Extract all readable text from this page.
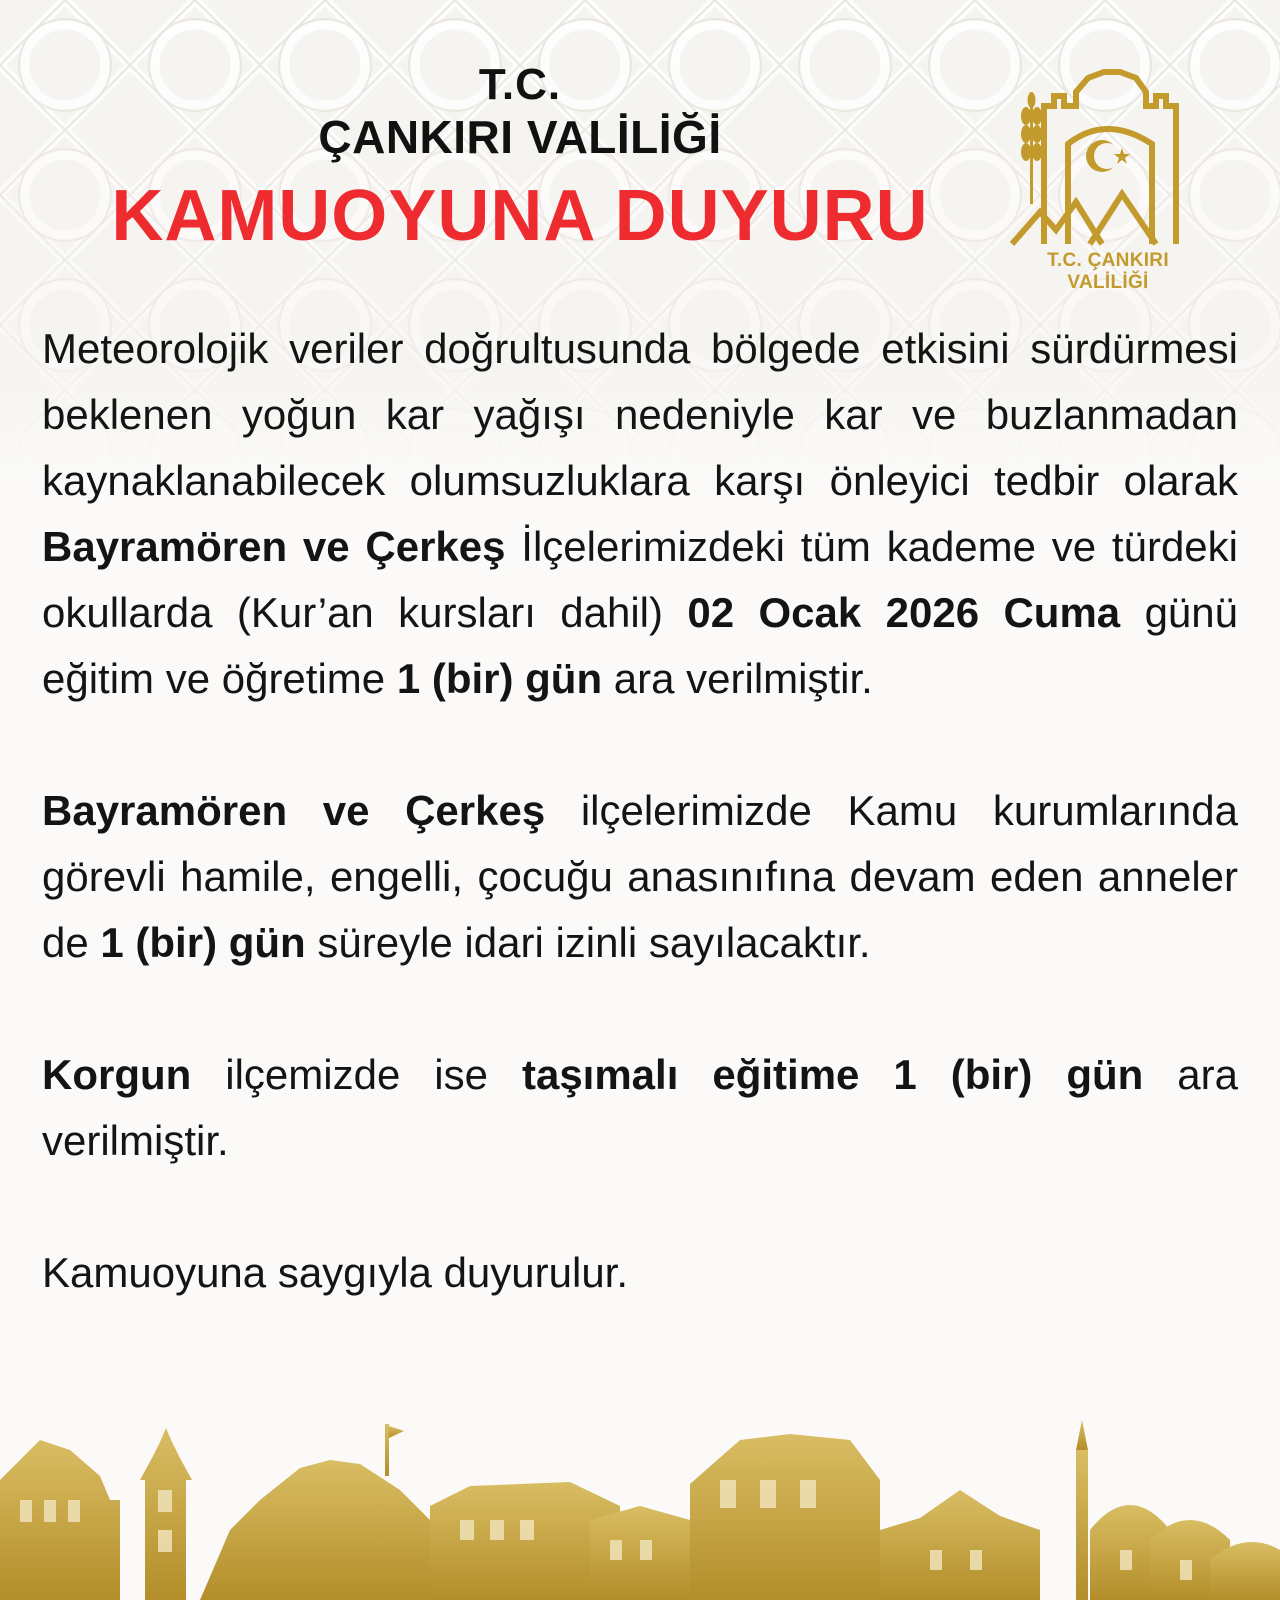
T.C.
ÇANKIRI VALİLİĞİ
KAMUOYUNA DUYURU
T.C. ÇANKIRI VALİLİĞİ

Meteorolojik veriler doğrultusunda bölgede etkisini sürdürmesi beklenen yoğun kar yağışı nedeniyle kar ve buzlanmadan kaynaklanabilecek olumsuzluklara karşı önleyici tedbir olarak Bayramören ve Çerkeş İlçelerimizdeki tüm kademe ve türdeki okullarda (Kur’an kursları dahil) 02 Ocak 2026 Cuma günü eğitim ve öğretime 1 (bir) gün ara verilmiştir.

Bayramören ve Çerkeş ilçelerimizde Kamu kurumlarında görevli hamile, engelli, çocuğu anasınıfına devam eden anneler de 1 (bir) gün süreyle idari izinli sayılacaktır.

Korgun ilçemizde ise taşımalı eğitime 1 (bir) gün ara verilmiştir.

Kamuoyuna saygıyla duyurulur.
